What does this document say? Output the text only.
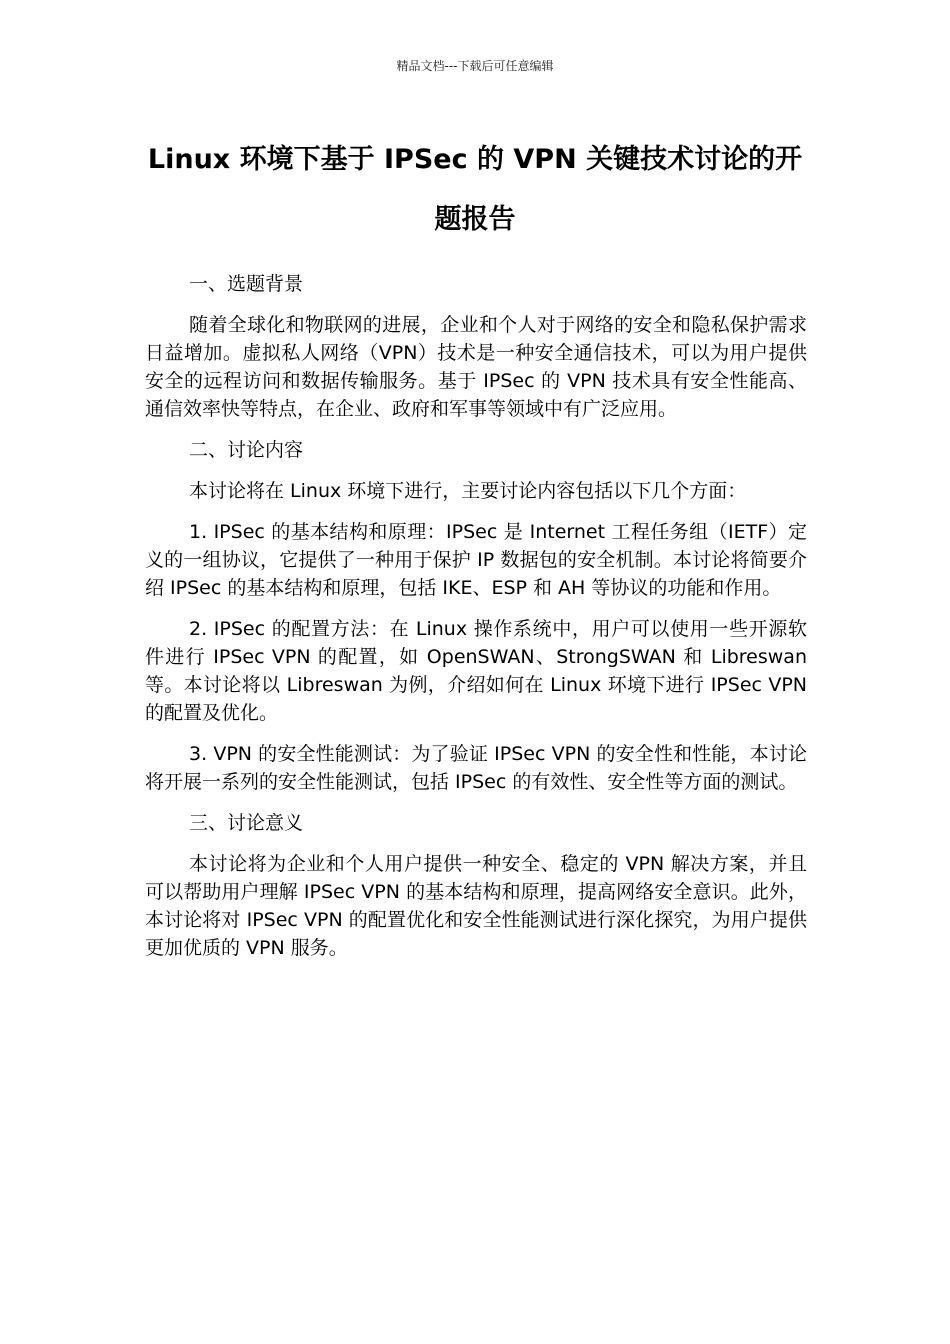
精品文档---下载后可任意编辑
Linux 环境下基于 IPSec 的 VPN 关键技术讨论的开题报告

一、选题背景

随着全球化和物联网的进展，企业和个人对于网络的安全和隐私保护需求日益增加。虚拟私人网络（VPN）技术是一种安全通信技术，可以为用户提供安全的远程访问和数据传输服务。基于 IPSec 的 VPN 技术具有安全性能高、通信效率快等特点，在企业、政府和军事等领域中有广泛应用。

二、讨论内容

本讨论将在 Linux 环境下进行，主要讨论内容包括以下几个方面：

1. IPSec 的基本结构和原理：IPSec 是 Internet 工程任务组（IETF）定义的一组协议，它提供了一种用于保护 IP 数据包的安全机制。本讨论将简要介绍 IPSec 的基本结构和原理，包括 IKE、ESP 和 AH 等协议的功能和作用。

2. IPSec 的配置方法：在 Linux 操作系统中，用户可以使用一些开源软件进行 IPSec VPN 的配置，如 OpenSWAN、StrongSWAN 和 Libreswan 等。本讨论将以 Libreswan 为例，介绍如何在 Linux 环境下进行 IPSec VPN 的配置及优化。

3. VPN 的安全性能测试：为了验证 IPSec VPN 的安全性和性能，本讨论将开展一系列的安全性能测试，包括 IPSec 的有效性、安全性等方面的测试。

三、讨论意义

本讨论将为企业和个人用户提供一种安全、稳定的 VPN 解决方案，并且可以帮助用户理解 IPSec VPN 的基本结构和原理，提高网络安全意识。此外，本讨论将对 IPSec VPN 的配置优化和安全性能测试进行深化探究，为用户提供更加优质的 VPN 服务。
